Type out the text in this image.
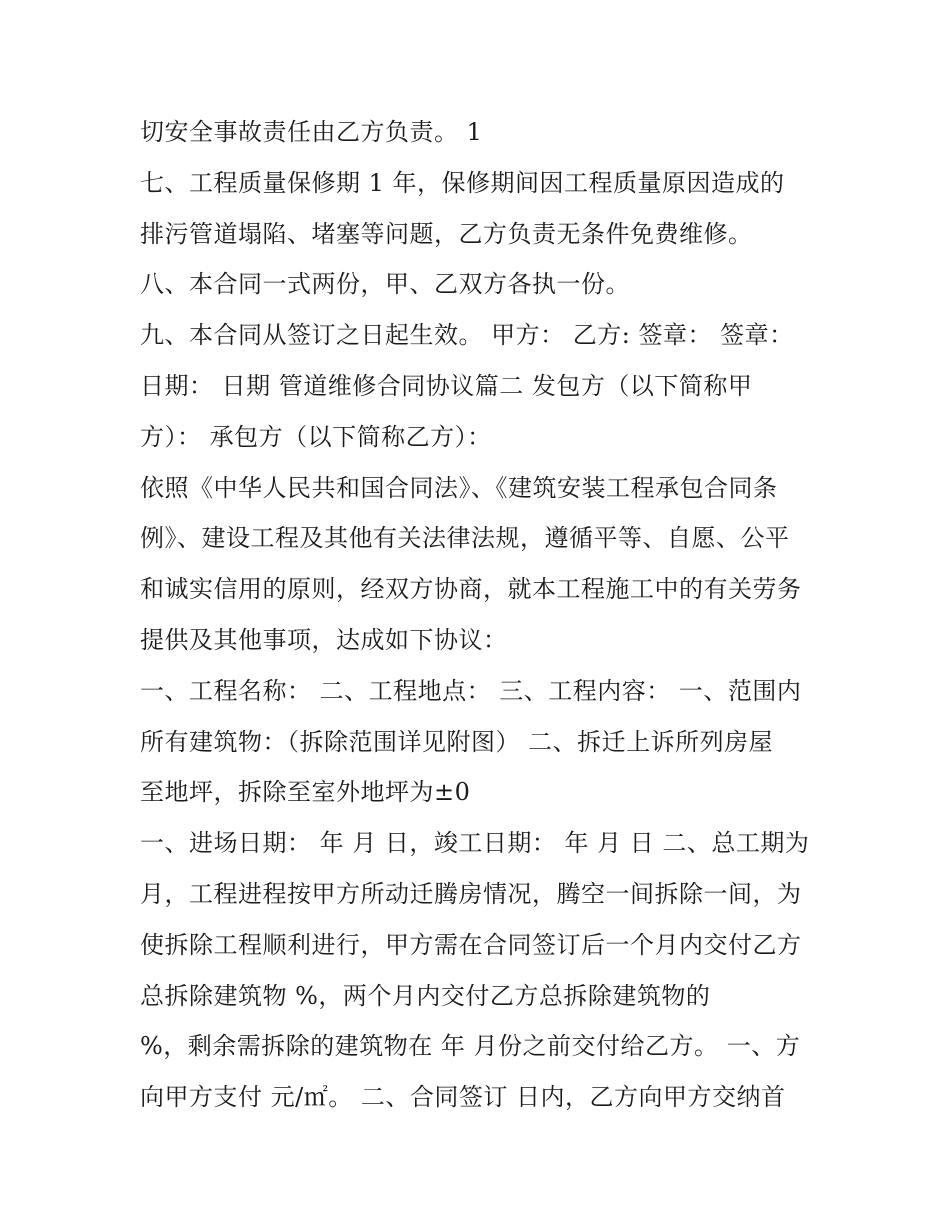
切安全事故责任由乙方负责。 1
七、工程质量保修期 1 年，保修期间因工程质量原因造成的
排污管道塌陷、堵塞等问题，乙方负责无条件免费维修。
八、本合同一式两份，甲、乙双方各执一份。
九、本合同从签订之日起生效。 甲方： 乙方: 签章： 签章：
日期： 日期 管道维修合同协议篇二 发包方（以下简称甲
方）： 承包方（以下简称乙方）：
依照《中华人民共和国合同法》、《建筑安装工程承包合同条
例》、建设工程及其他有关法律法规，遵循平等、自愿、公平
和诚实信用的原则，经双方协商，就本工程施工中的有关劳务
提供及其他事项，达成如下协议：
一、工程名称： 二、工程地点： 三、工程内容： 一、范围内
所有建筑物：（拆除范围详见附图） 二、拆迁上诉所列房屋
至地坪，拆除至室外地坪为±0
一、进场日期： 年 月 日，竣工日期： 年 月 日 二、总工期为
月，工程进程按甲方所动迁腾房情况，腾空一间拆除一间，为
使拆除工程顺利进行，甲方需在合同签订后一个月内交付乙方
总拆除建筑物 %，两个月内交付乙方总拆除建筑物的
%，剩余需拆除的建筑物在 年 月份之前交付给乙方。 一、方
向甲方支付 元/㎡。 二、合同签订 日内，乙方向甲方交纳首
